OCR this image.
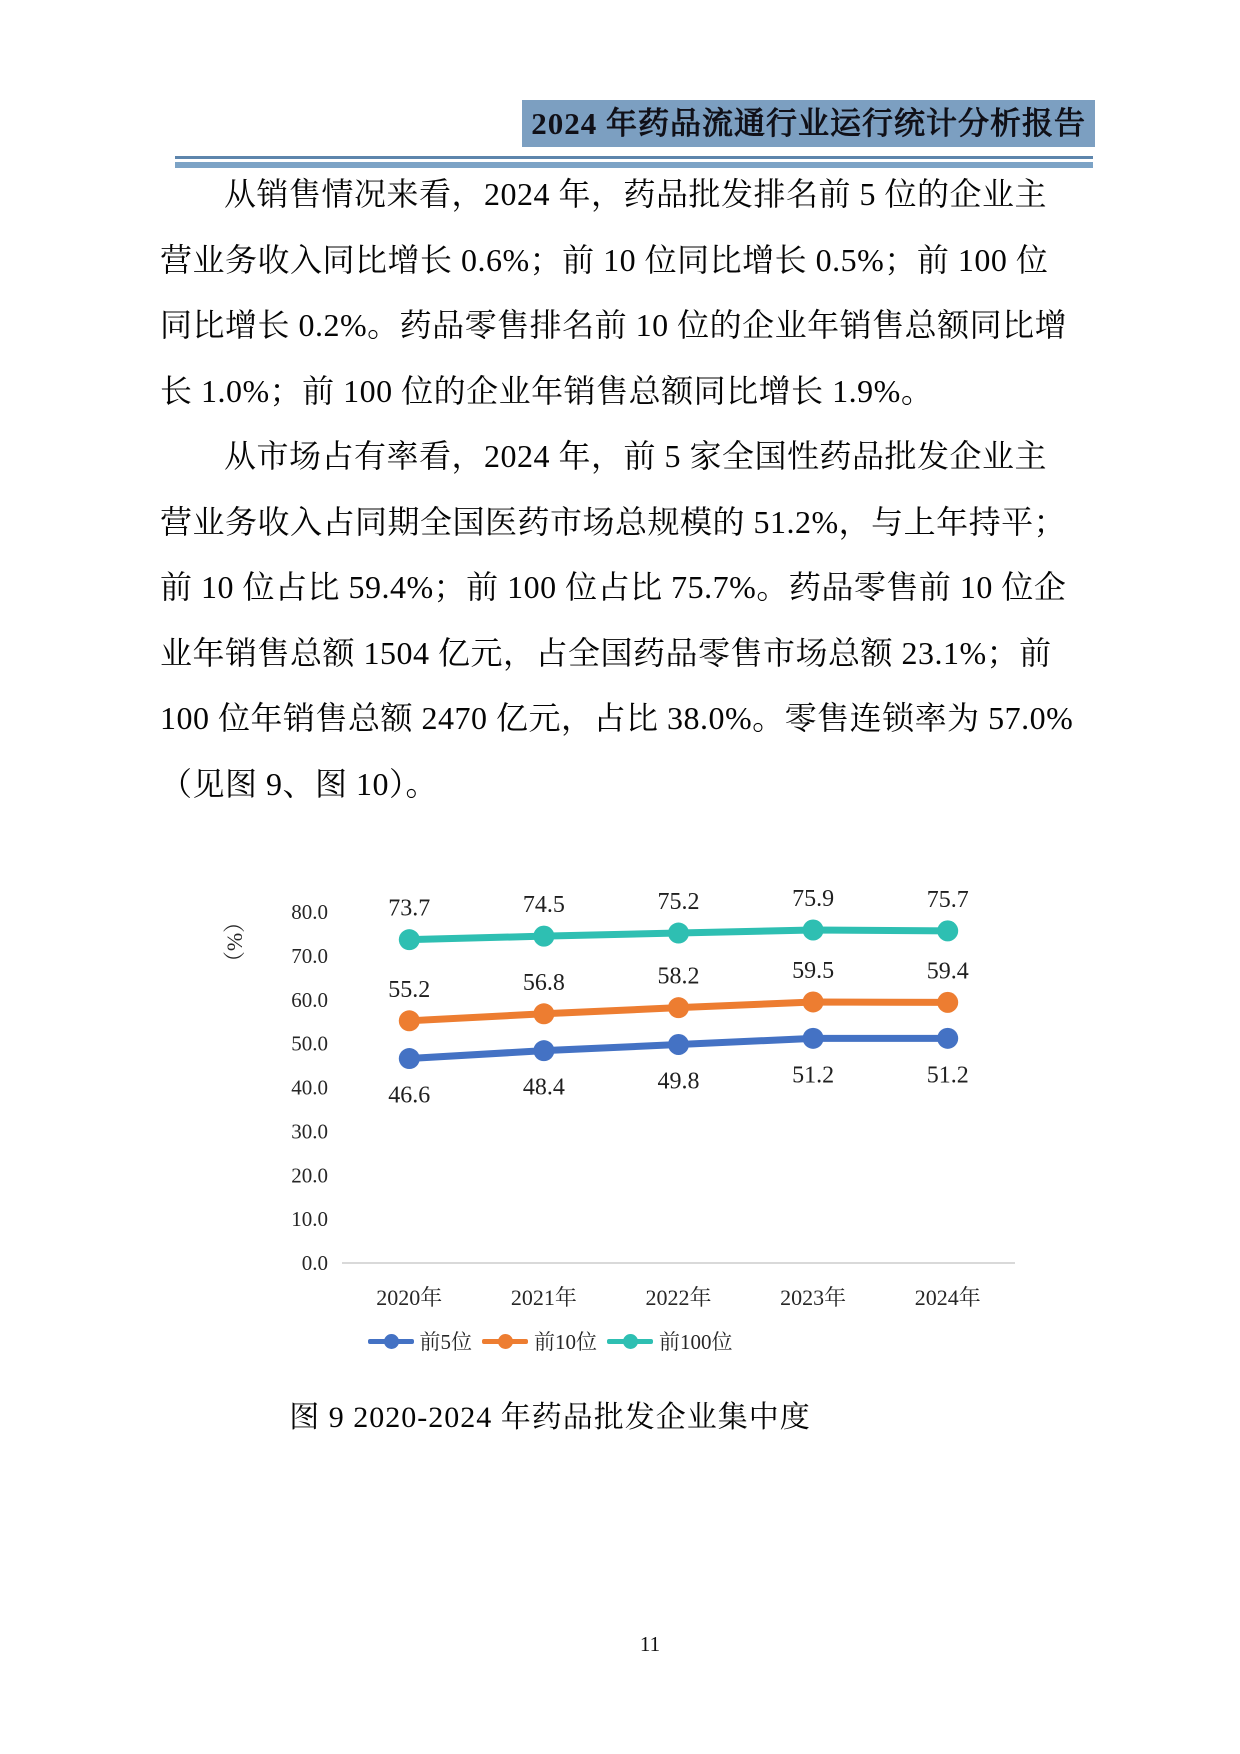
2024 年药品流通行业运行统计分析报告
从销售情况来看，2024 年，药品批发排名前 5 位的企业主
营业务收入同比增长 0.6%；前 10 位同比增长 0.5%；前 100 位
同比增长 0.2%。药品零售排名前 10 位的企业年销售总额同比增
长 1.0%；前 100 位的企业年销售总额同比增长 1.9%。
从市场占有率看，2024 年，前 5 家全国性药品批发企业主
营业务收入占同期全国医药市场总规模的 51.2%，与上年持平；
前 10 位占比 59.4%；前 100 位占比 75.7%。药品零售前 10 位企
业年销售总额 1504 亿元，占全国药品零售市场总额 23.1%；前
100 位年销售总额 2470 亿元，占比 38.0%。零售连锁率为 57.0%
（见图 9、图 10）。
0.0
10.0
20.0
30.0
40.0
50.0
60.0
70.0
80.0
（%）
46.6	48.4	49.8	51.2	51.2
55.2	56.8	58.2	59.5	59.4
73.7	74.5	75.2	75.9	75.7
2020年	2021年	2022年	2023年	2024年
前5位	前10位	前100位
图 9 2020-2024 年药品批发企业集中度
11
